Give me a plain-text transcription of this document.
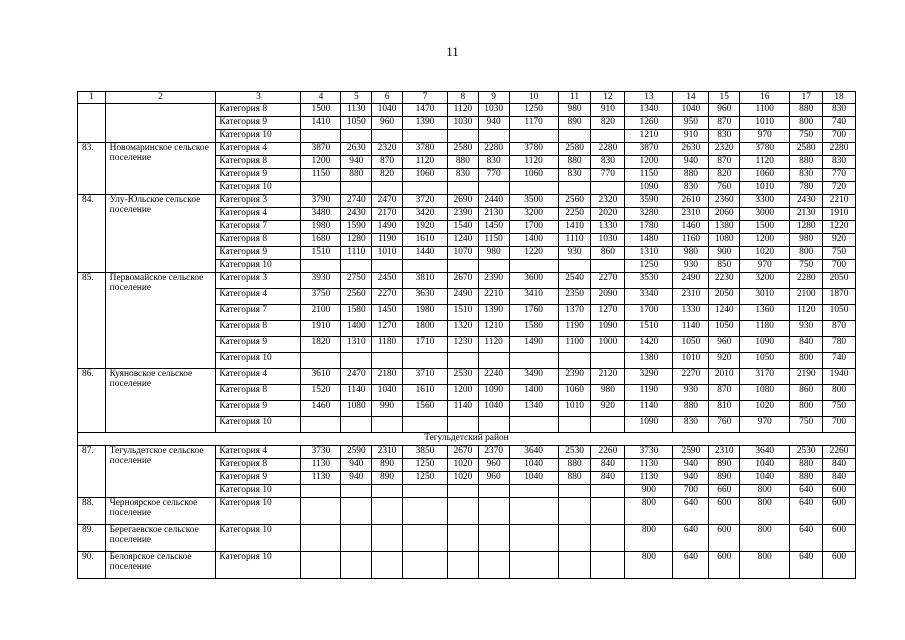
11
1	2	3	4	5	6	7	8	9	10	11	12	13	14	15	16	17	18
		Категория 8	1500	1130	1040	1470	1120	1030	1250	980	910	1340	1040	960	1100	880	830
		Категория 9	1410	1050	960	1390	1030	940	1170	890	820	1260	950	870	1010	800	740
		Категория 10										1210	910	830	970	750	700
83.	Новомаринское сельское поселение	Категория 4	3870	2630	2320	3780	2580	2280	3780	2580	2280	3870	2630	2320	3780	2580	2280
		Категория 8	1200	940	870	1120	880	830	1120	880	830	1200	940	870	1120	880	830
		Категория 9	1150	880	820	1060	830	770	1060	830	770	1150	880	820	1060	830	770
		Категория 10										1090	830	760	1010	780	720
84.	Улу-Юльское сельское поселение	Категория 3	3790	2740	2470	3720	2690	2440	3500	2560	2320	3590	2610	2360	3300	2430	2210
		Категория 4	3480	2430	2170	3420	2390	2130	3200	2250	2020	3280	2310	2060	3000	2130	1910
		Категория 7	1980	1590	1490	1920	1540	1450	1700	1410	1330	1780	1460	1380	1500	1280	1220
		Категория 8	1680	1280	1190	1610	1240	1150	1400	1110	1030	1480	1160	1080	1200	980	920
		Категория 9	1510	1110	1010	1440	1070	980	1220	930	860	1310	980	900	1020	800	750
		Категория 10										1250	930	850	970	750	700
85.	Первомайское сельское поселение	Категория 3	3930	2750	2450	3810	2670	2390	3600	2540	2270	3530	2490	2230	3200	2280	2050
		Категория 4	3750	2560	2270	3630	2490	2210	3410	2350	2090	3340	2310	2050	3010	2100	1870
		Категория 7	2100	1580	1450	1980	1510	1390	1760	1370	1270	1700	1330	1240	1360	1120	1050
		Категория 8	1910	1400	1270	1800	1320	1210	1580	1190	1090	1510	1140	1050	1180	930	870
		Категория 9	1820	1310	1180	1710	1230	1120	1490	1100	1000	1420	1050	960	1090	840	780
		Категория 10										1380	1010	920	1050	800	740
86.	Куяновское сельское поселение	Категория 4	3610	2470	2180	3710	2530	2240	3490	2390	2120	3290	2270	2010	3170	2190	1940
		Категория 8	1520	1140	1040	1610	1200	1090	1400	1060	980	1190	930	870	1080	860	800
		Категория 9	1460	1080	990	1560	1140	1040	1340	1010	920	1140	880	810	1020	800	750
		Категория 10										1090	830	760	970	750	700
Тегульдетский район																	
87.	Тегульдетское сельское поселение	Категория 4	3730	2590	2310	3850	2670	2370	3640	2530	2260	3730	2590	2310	3640	2530	2260
		Категория 8	1130	940	890	1250	1020	960	1040	880	840	1130	940	890	1040	880	840
		Категория 9	1130	940	890	1250	1020	960	1040	880	840	1130	940	890	1040	880	840
		Категория 10										900	700	660	800	640	600
88.	Черноярское сельское поселение	Категория 10										800	640	600	800	640	600
89.	Берегаевское сельское поселение	Категория 10										800	640	600	800	640	600
90.	Белоярское сельское поселение	Категория 10										800	640	600	800	640	600
